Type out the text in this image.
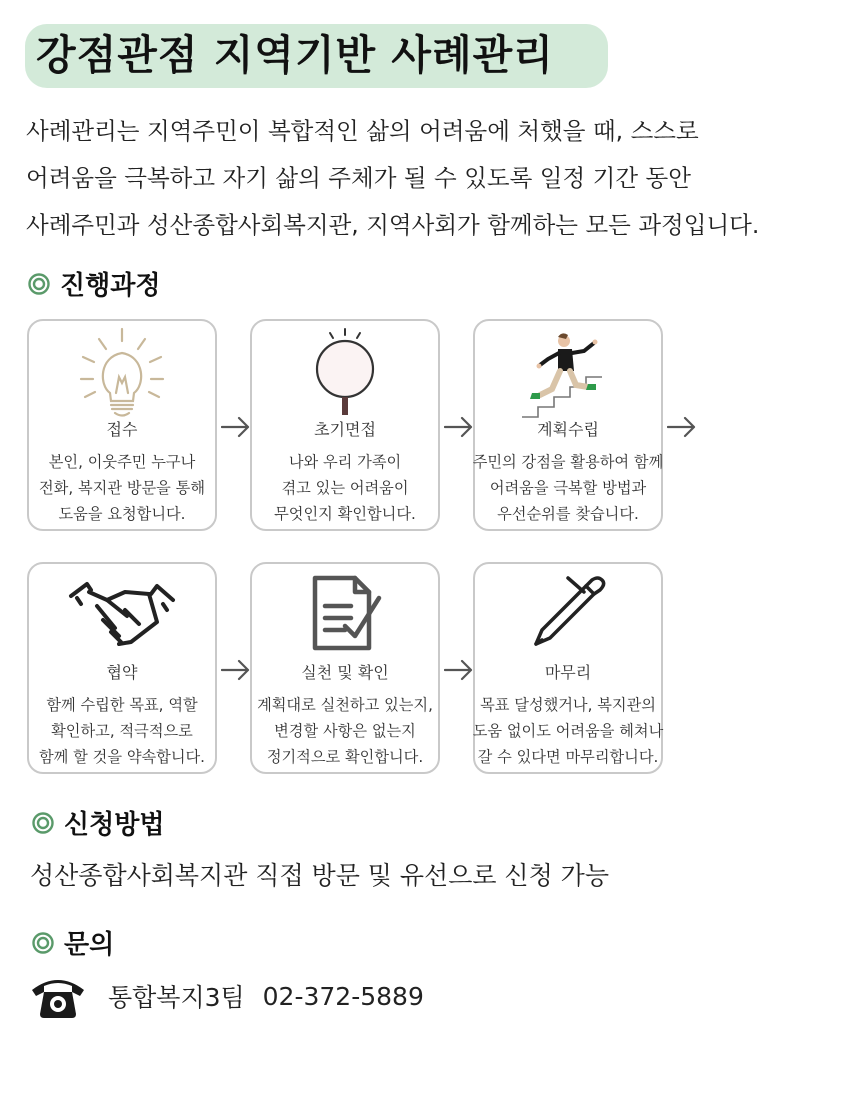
강점관점 지역기반 사례관리
사례관리는 지역주민이 복합적인 삶의 어려움에 처했을 때, 스스로
어려움을 극복하고 자기 삶의 주체가 될 수 있도록 일정 기간 동안
사례주민과 성산종합사회복지관, 지역사회가 함께하는 모든 과정입니다.
진행과정
접수
본인, 이웃주민 누구나
전화, 복지관 방문을 통해
도움을 요청합니다.
초기면접
나와 우리 가족이
겪고 있는 어려움이
무엇인지 확인합니다.
계획수립
주민의 강점을 활용하여 함께
어려움을 극복할 방법과
우선순위를 찾습니다.
협약
함께 수립한 목표, 역할
확인하고, 적극적으로
함께 할 것을 약속합니다.
실천 및 확인
계획대로 실천하고 있는지,
변경할 사항은 없는지
정기적으로 확인합니다.
마무리
목표 달성했거나, 복지관의
도움 없이도 어려움을 헤쳐나
갈 수 있다면 마무리합니다.
신청방법
성산종합사회복지관 직접 방문 및 유선으로 신청 가능
문의
통합복지3팀 02-372-5889
